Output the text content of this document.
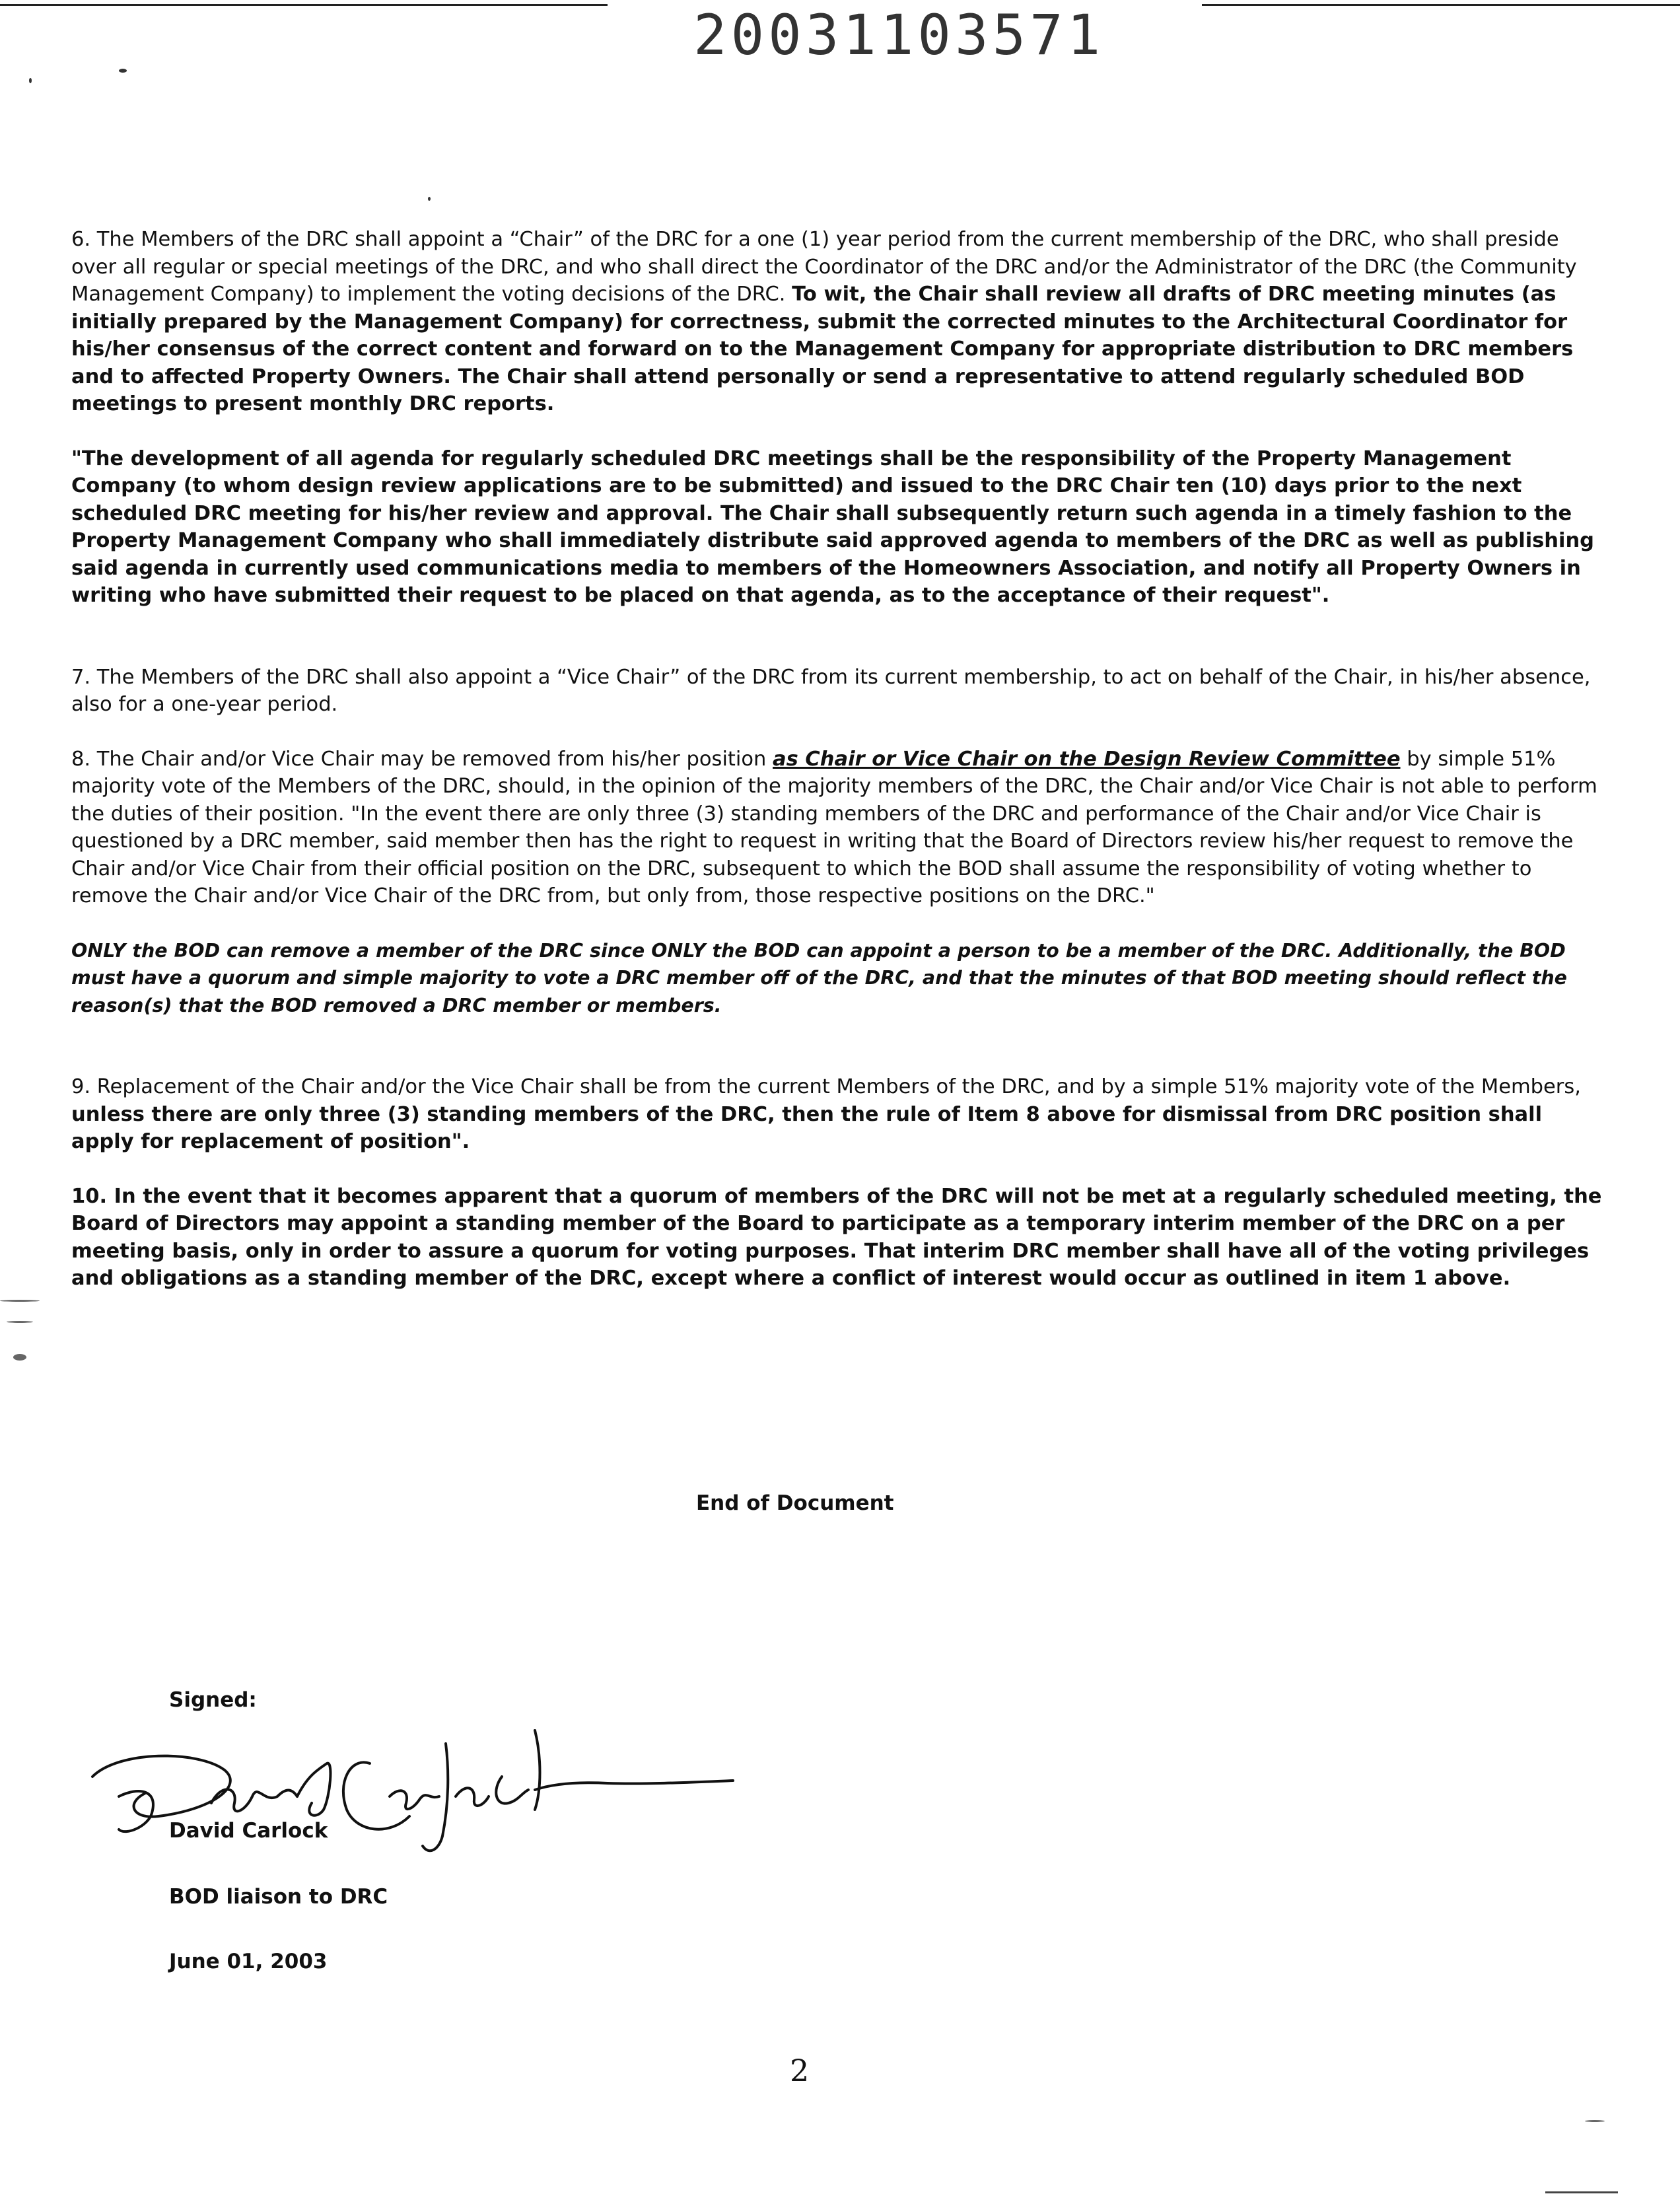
20031103571

6. The Members of the DRC shall appoint a “Chair” of the DRC for a one (1) year period from the current membership of the DRC, who shall preside over all regular or special meetings of the DRC, and who shall direct the Coordinator of the DRC and/or the Administrator of the DRC (the Community Management Company) to implement the voting decisions of the DRC. To wit, the Chair shall review all drafts of DRC meeting minutes (as initially prepared by the Management Company) for correctness, submit the corrected minutes to the Architectural Coordinator for his/her consensus of the correct content and forward on to the Management Company for appropriate distribution to DRC members and to affected Property Owners. The Chair shall attend personally or send a representative to attend regularly scheduled BOD meetings to present monthly DRC reports.

"The development of all agenda for regularly scheduled DRC meetings shall be the responsibility of the Property Management Company (to whom design review applications are to be submitted) and issued to the DRC Chair ten (10) days prior to the next scheduled DRC meeting for his/her review and approval. The Chair shall subsequently return such agenda in a timely fashion to the Property Management Company who shall immediately distribute said approved agenda to members of the DRC as well as publishing said agenda in currently used communications media to members of the Homeowners Association, and notify all Property Owners in writing who have submitted their request to be placed on that agenda, as to the acceptance of their request".

7. The Members of the DRC shall also appoint a “Vice Chair” of the DRC from its current membership, to act on behalf of the Chair, in his/her absence, also for a one-year period.

8. The Chair and/or Vice Chair may be removed from his/her position as Chair or Vice Chair on the Design Review Committee by simple 51% majority vote of the Members of the DRC, should, in the opinion of the majority members of the DRC, the Chair and/or Vice Chair is not able to perform the duties of their position. "In the event there are only three (3) standing members of the DRC and performance of the Chair and/or Vice Chair is questioned by a DRC member, said member then has the right to request in writing that the Board of Directors review his/her request to remove the Chair and/or Vice Chair from their official position on the DRC, subsequent to which the BOD shall assume the responsibility of voting whether to remove the Chair and/or Vice Chair of the DRC from, but only from, those respective positions on the DRC."

ONLY the BOD can remove a member of the DRC since ONLY the BOD can appoint a person to be a member of the DRC. Additionally, the BOD must have a quorum and simple majority to vote a DRC member off of the DRC, and that the minutes of that BOD meeting should reflect the reason(s) that the BOD removed a DRC member or members.

9. Replacement of the Chair and/or the Vice Chair shall be from the current Members of the DRC, and by a simple 51% majority vote of the Members, unless there are only three (3) standing members of the DRC, then the rule of Item 8 above for dismissal from DRC position shall apply for replacement of position".

10. In the event that it becomes apparent that a quorum of members of the DRC will not be met at a regularly scheduled meeting, the Board of Directors may appoint a standing member of the Board to participate as a temporary interim member of the DRC on a per meeting basis, only in order to assure a quorum for voting purposes. That interim DRC member shall have all of the voting privileges and obligations as a standing member of the DRC, except where a conflict of interest would occur as outlined in item 1 above.

End of Document
Signed:
David Carlock
BOD liaison to DRC
June 01, 2003
2
